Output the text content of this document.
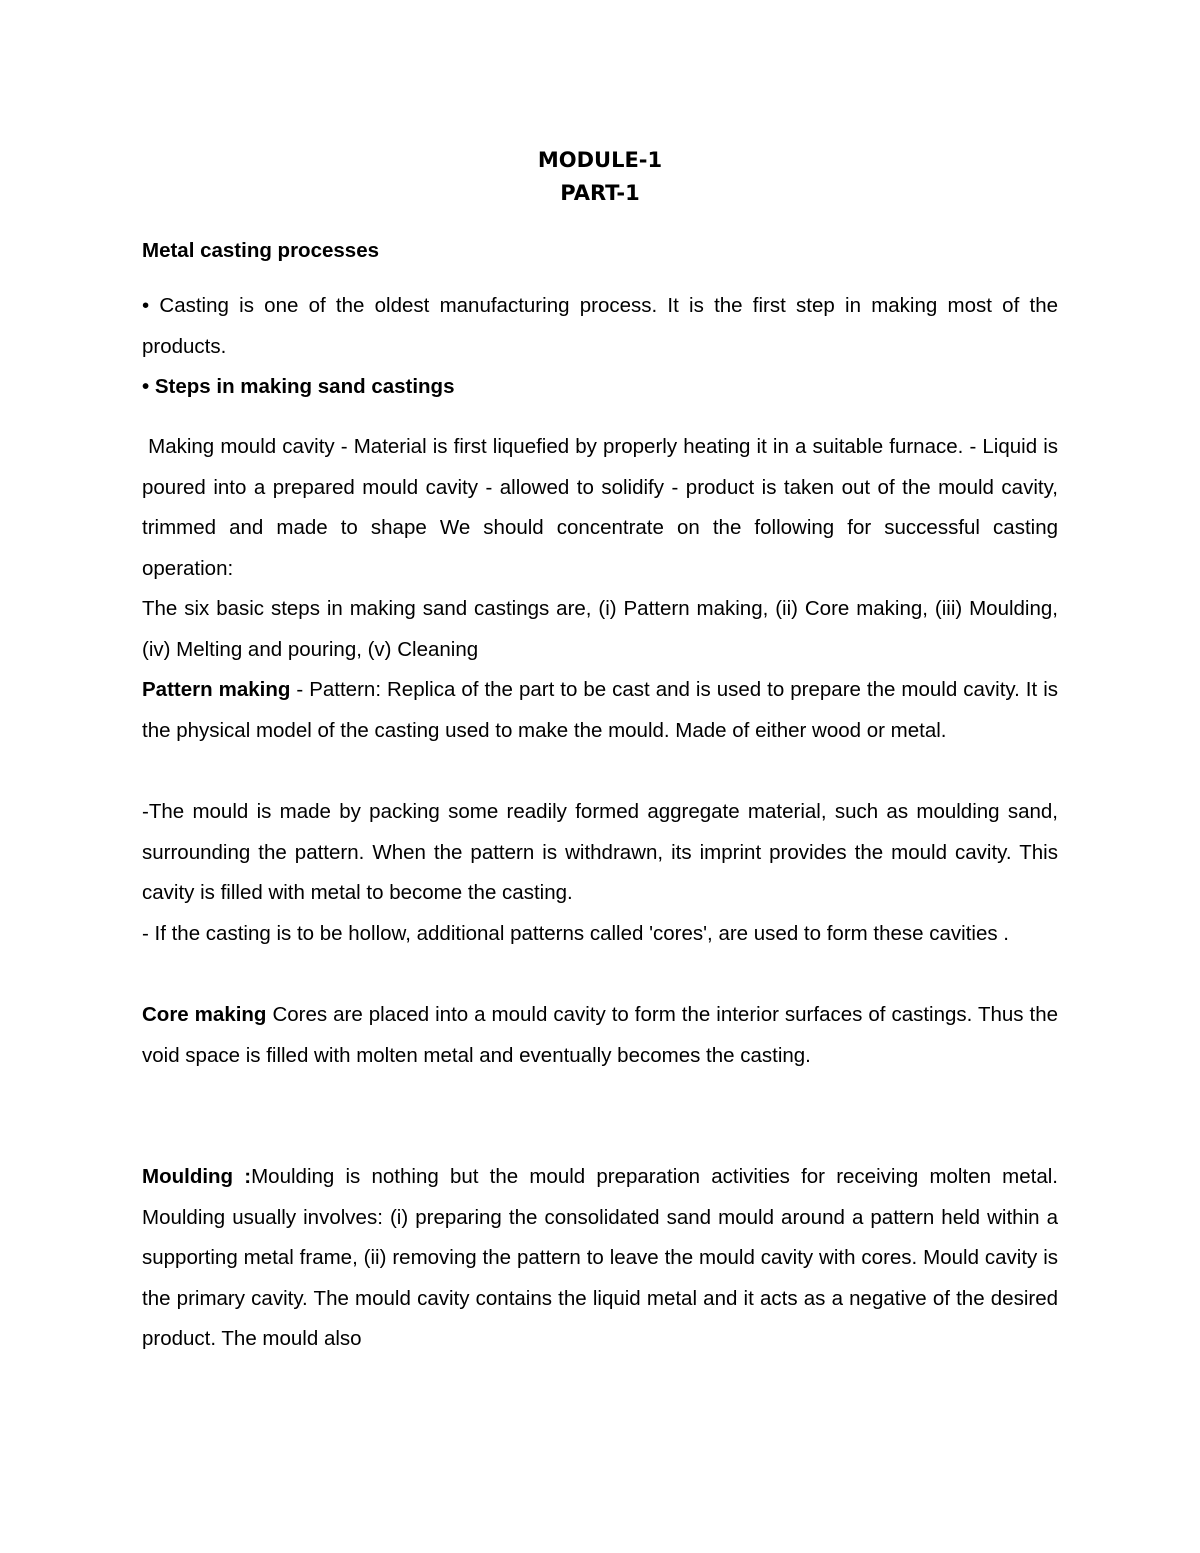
MODULE-1
PART-1
Metal casting processes

• Casting is one of the oldest manufacturing process. It is the first step in making most of the products.

• Steps in making sand castings

Making mould cavity - Material is first liquefied by properly heating it in a suitable furnace. - Liquid is poured into a prepared mould cavity - allowed to solidify - product is taken out of the mould cavity, trimmed and made to shape We should concentrate on the following for successful casting operation:

The six basic steps in making sand castings are, (i) Pattern making, (ii) Core making, (iii) Moulding, (iv) Melting and pouring, (v) Cleaning

Pattern making - Pattern: Replica of the part to be cast and is used to prepare the mould cavity. It is the physical model of the casting used to make the mould. Made of either wood or metal.

-The mould is made by packing some readily formed aggregate material, such as moulding sand, surrounding the pattern. When the pattern is withdrawn, its imprint provides the mould cavity. This cavity is filled with metal to become the casting.

- If the casting is to be hollow, additional patterns called 'cores', are used to form these cavities .

Core making Cores are placed into a mould cavity to form the interior surfaces of castings. Thus the void space is filled with molten metal and eventually becomes the casting.

Moulding :Moulding is nothing but the mould preparation activities for receiving molten metal. Moulding usually involves: (i) preparing the consolidated sand mould around a pattern held within a supporting metal frame, (ii) removing the pattern to leave the mould cavity with cores. Mould cavity is the primary cavity. The mould cavity contains the liquid metal and it acts as a negative of the desired product. The mould also
